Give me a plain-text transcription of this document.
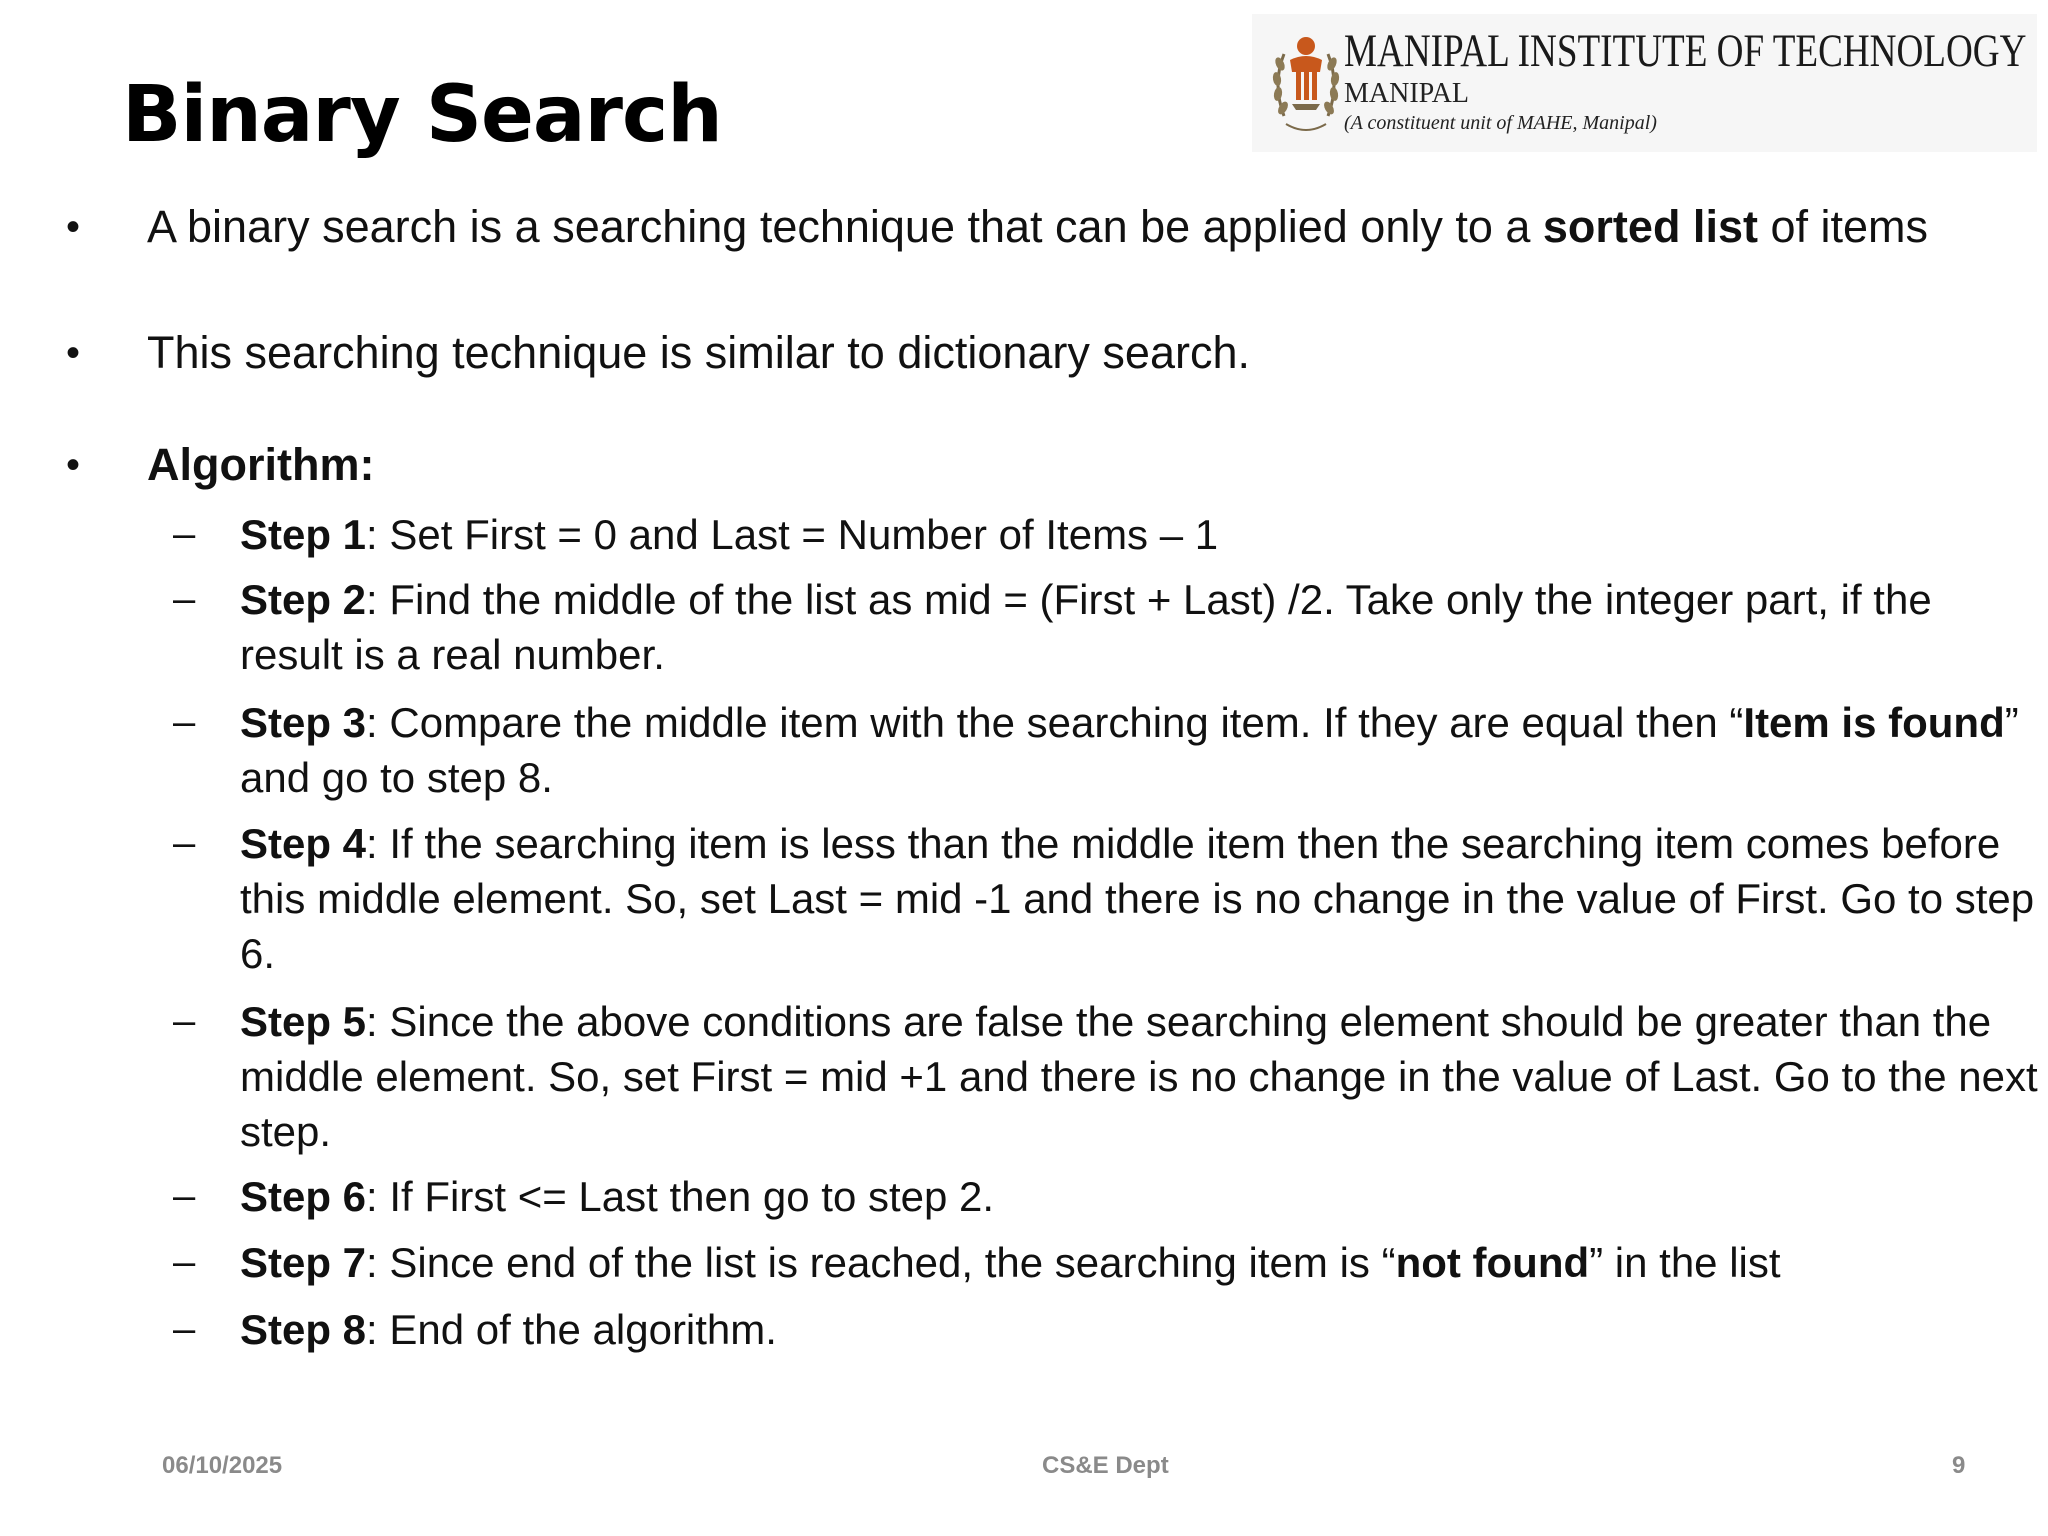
Binary Search
MANIPAL INSTITUTE OF TECHNOLOGY
MANIPAL
(A constituent unit of MAHE, Manipal)
• A binary search is a searching technique that can be applied only to a sorted list of items
• This searching technique is similar to dictionary search.
• Algorithm:
– Step 1: Set First = 0 and Last = Number of Items – 1
– Step 2: Find the middle of the list as mid = (First + Last) /2. Take only the integer part, if the result is a real number.
– Step 3: Compare the middle item with the searching item. If they are equal then “Item is found” and go to step 8.
– Step 4: If the searching item is less than the middle item then the searching item comes before this middle element. So, set Last = mid -1 and there is no change in the value of First. Go to step 6.
– Step 5: Since the above conditions are false the searching element should be greater than the middle element. So, set First = mid +1 and there is no change in the value of Last. Go to the next step.
– Step 6: If First <= Last then go to step 2.
– Step 7: Since end of the list is reached, the searching item is “not found” in the list
– Step 8: End of the algorithm.
06/10/2025	CS&E Dept	9
